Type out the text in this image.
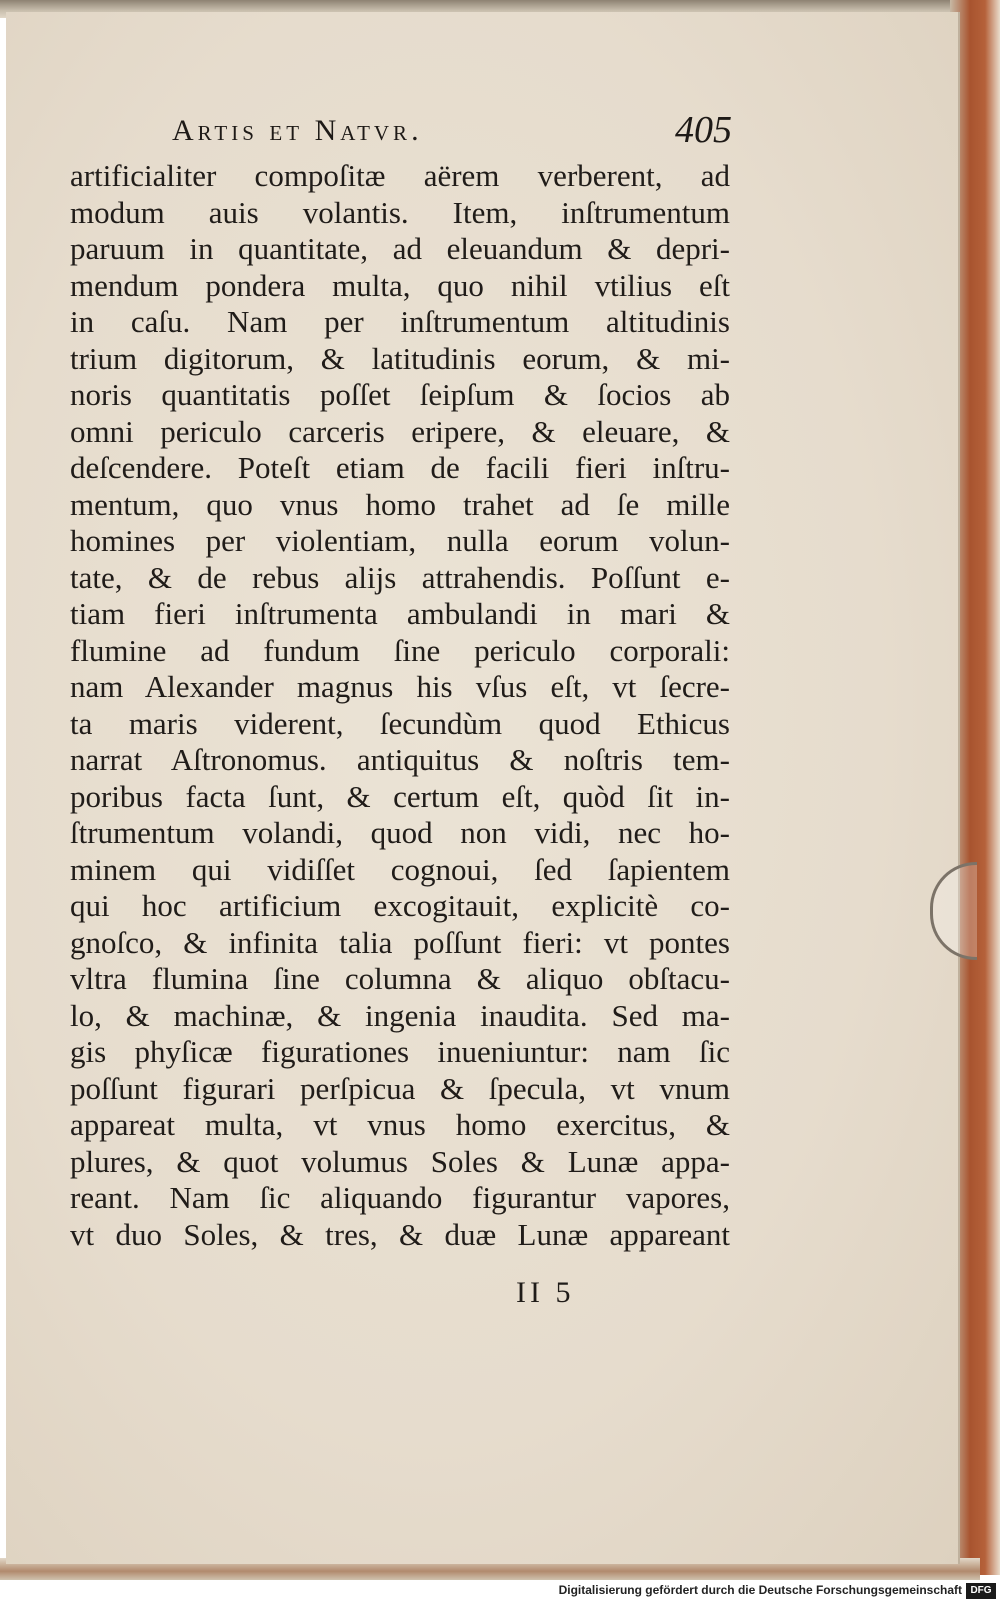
Artis et Natvr.	405
artificialiter compoſitæ aërem verberent, ad
modum auis volantis. Item, inſtrumentum
paruum in quantitate, ad eleuandum & depri-
mendum pondera multa, quo nihil vtilius eſt
in caſu. Nam per inſtrumentum altitudinis
trium digitorum, & latitudinis eorum, & mi-
noris quantitatis poſſet ſeipſum & ſocios ab
omni periculo carceris eripere, & eleuare, &
deſcendere. Poteſt etiam de facili fieri inſtru-
mentum, quo vnus homo trahet ad ſe mille
homines per violentiam, nulla eorum volun-
tate, & de rebus alijs attrahendis. Poſſunt e-
tiam fieri inſtrumenta ambulandi in mari &
flumine ad fundum ſine periculo corporali:
nam Alexander magnus his vſus eſt, vt ſecre-
ta maris viderent, ſecundùm quod Ethicus
narrat Aſtronomus. antiquitus & noſtris tem-
poribus facta ſunt, & certum eſt, quòd ſit in-
ſtrumentum volandi, quod non vidi, nec ho-
minem qui vidiſſet cognoui, ſed ſapientem
qui hoc artificium excogitauit, explicitè co-
gnoſco, & infinita talia poſſunt fieri: vt pontes
vltra flumina ſine columna & aliquo obſtacu-
lo, & machinæ, & ingenia inaudita. Sed ma-
gis phyſicæ figurationes inueniuntur: nam ſic
poſſunt figurari perſpicua & ſpecula, vt vnum
appareat multa, vt vnus homo exercitus, &
plures, & quot volumus Soles & Lunæ appa-
reant. Nam ſic aliquando figurantur vapores,
vt duo Soles, & tres, & duæ Lunæ appareant
II 5
Digitalisierung gefördert durch die Deutsche Forschungsgemeinschaft DFG
